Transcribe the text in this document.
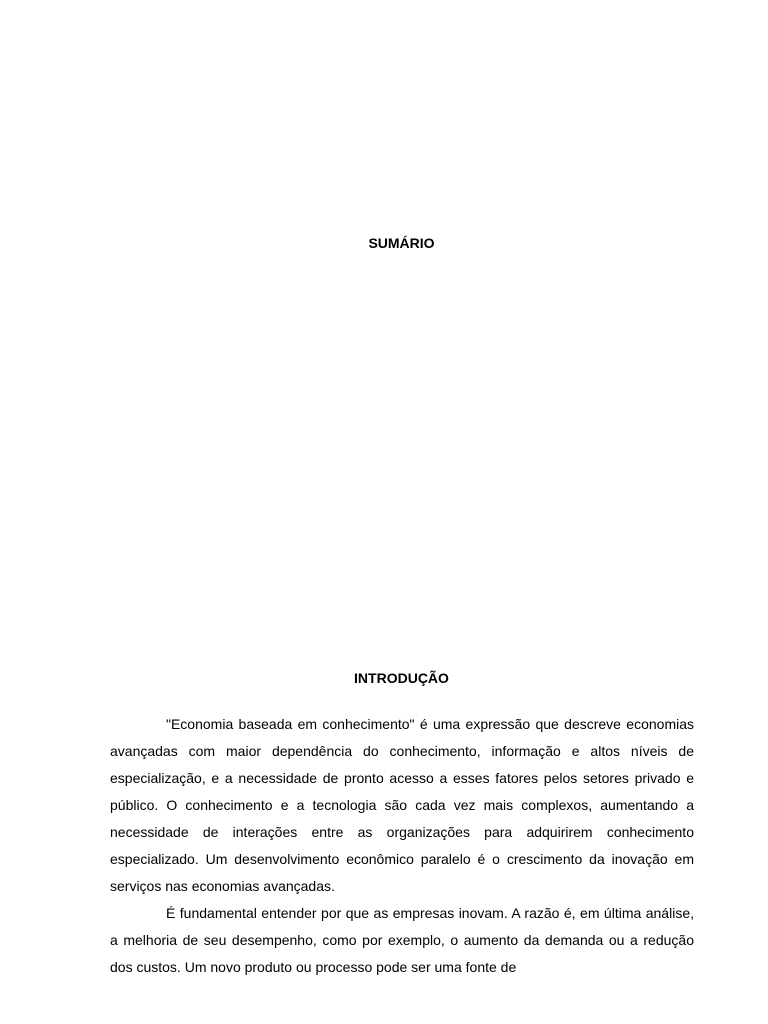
SUMÁRIO
INTRODUÇÃO

"Economia baseada em conhecimento" é uma expressão que descreve economias avançadas com maior dependência do conhecimento, informação e altos níveis de especialização, e a necessidade de pronto acesso a esses fatores pelos setores privado e público. O conhecimento e a tecnologia são cada vez mais complexos, aumentando a necessidade de interações entre as organizações para adquirirem conhecimento especializado. Um desenvolvimento econômico paralelo é o crescimento da inovação em serviços nas economias avançadas.

É fundamental entender por que as empresas inovam. A razão é, em última análise, a melhoria de seu desempenho, como por exemplo, o aumento da demanda ou a redução dos custos. Um novo produto ou processo pode ser uma fonte de
